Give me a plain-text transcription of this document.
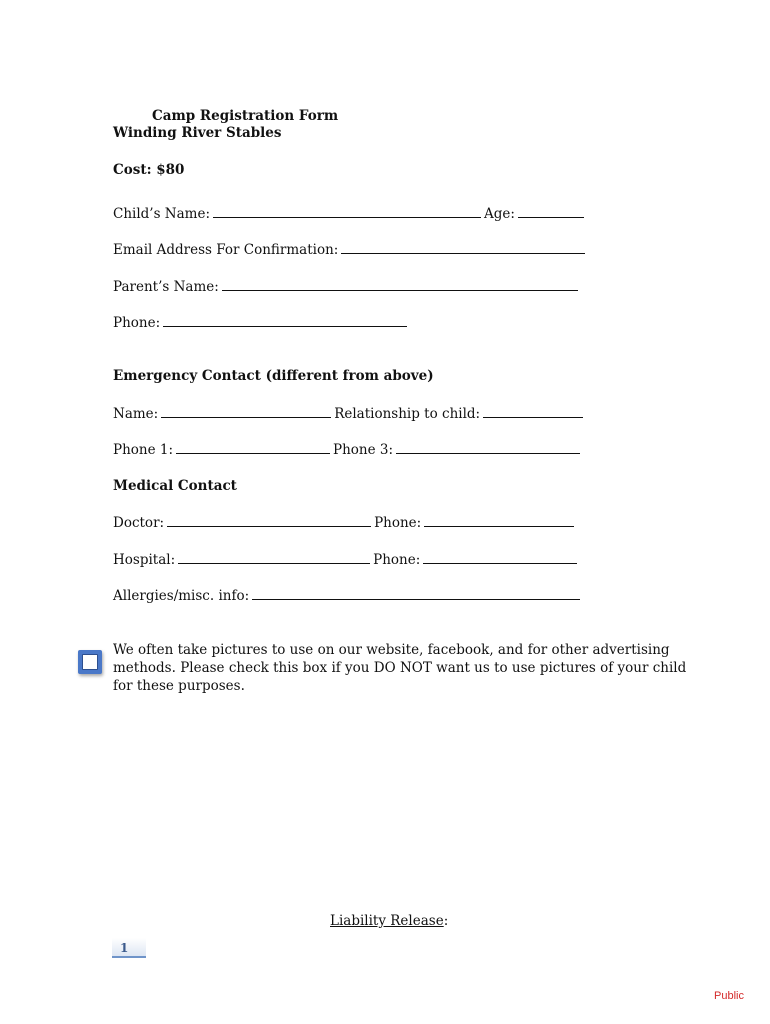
Camp Registration Form
Winding River Stables
Cost: $80
Child’s Name:	Age:
Email Address For Confirmation:
Parent’s Name:
Phone:
Emergency Contact (different from above)
Name:	Relationship to child:
Phone 1:	Phone 3:
Medical Contact
Doctor:	Phone:
Hospital:	Phone:
Allergies/misc. info:
We often take pictures to use on our website, facebook, and for other advertising
methods. Please check this box if you DO NOT want us to use pictures of your child
for these purposes.
Liability Release:
1
Public
